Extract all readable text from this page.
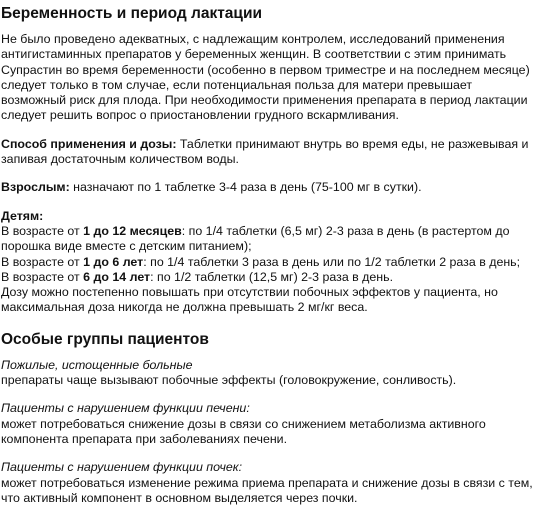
Беременность и период лактации
Не было проведено адекватных, с надлежащим контролем, исследований применения
антигистаминных препаратов у беременных женщин. В соответствии с этим принимать
Супрастин во время беременности (особенно в первом триместре и на последнем месяце)
следует только в том случае, если потенциальная польза для матери превышает
возможный риск для плода. При необходимости применения препарата в период лактации
следует решить вопрос о приостановлении грудного вскармливания.
Способ применения и дозы: Таблетки принимают внутрь во время еды, не разжевывая и
запивая достаточным количеством воды.
Взрослым: назначают по 1 таблетке 3-4 раза в день (75-100 мг в сутки).
Детям:
В возрасте от 1 до 12 месяцев: по 1/4 таблетки (6,5 мг) 2-3 раза в день (в растертом до
порошка виде вместе с детским питанием);
В возрасте от 1 до 6 лет: по 1/4 таблетки 3 раза в день или по 1/2 таблетки 2 раза в день;
В возрасте от 6 до 14 лет: по 1/2 таблетки (12,5 мг) 2-3 раза в день.
Дозу можно постепенно повышать при отсутствии побочных эффектов у пациента, но
максимальная доза никогда не должна превышать 2 мг/кг веса.
Особые группы пациентов
Пожилые, истощенные больные
препараты чаще вызывают побочные эффекты (головокружение, сонливость).
Пациенты с нарушением функции печени:
может потребоваться снижение дозы в связи со снижением метаболизма активного
компонента препарата при заболеваниях печени.
Пациенты с нарушением функции почек:
может потребоваться изменение режима приема препарата и снижение дозы в связи с тем,
что активный компонент в основном выделяется через почки.
